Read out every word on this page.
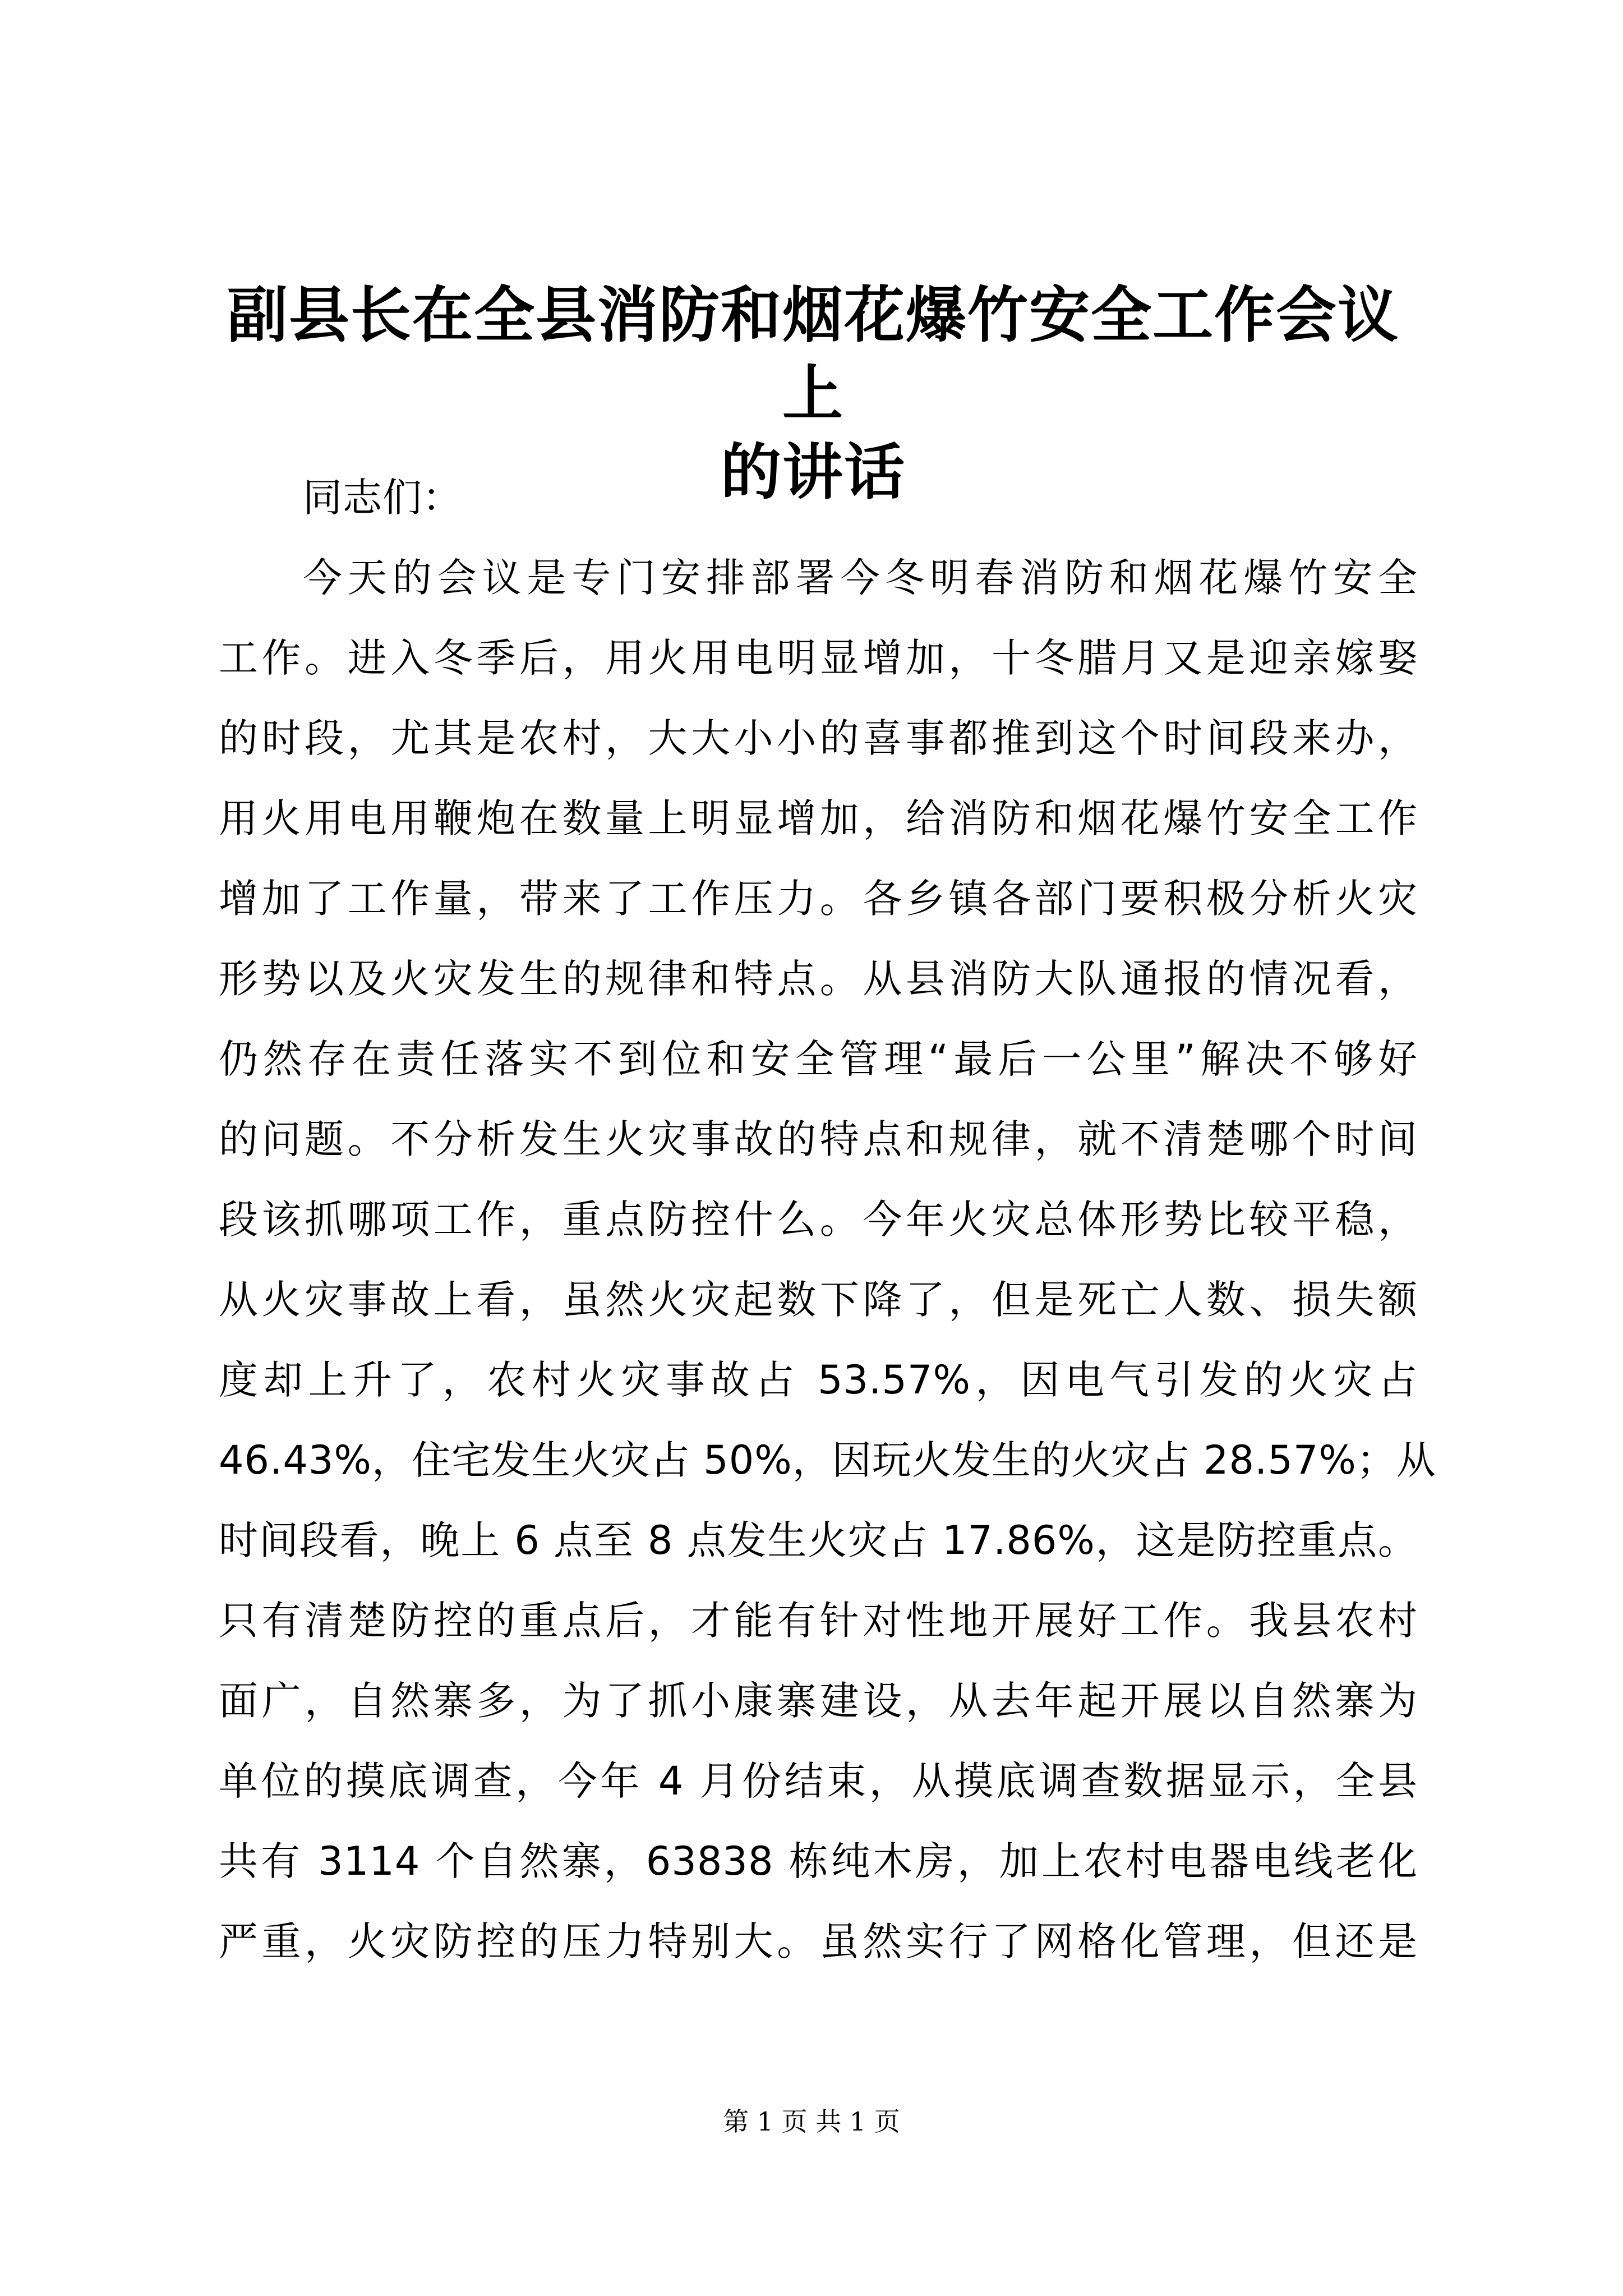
副县长在全县消防和烟花爆竹安全工作会议上
的讲话

同志们：

今天的会议是专门安排部署今冬明春消防和烟花爆竹安全
工作。进入冬季后，用火用电明显增加，十冬腊月又是迎亲嫁娶
的时段，尤其是农村，大大小小的喜事都推到这个时间段来办，
用火用电用鞭炮在数量上明显增加，给消防和烟花爆竹安全工作
增加了工作量，带来了工作压力。各乡镇各部门要积极分析火灾
形势以及火灾发生的规律和特点。从县消防大队通报的情况看，
仍然存在责任落实不到位和安全管理“最后一公里”解决不够好
的问题。不分析发生火灾事故的特点和规律，就不清楚哪个时间
段该抓哪项工作，重点防控什么。今年火灾总体形势比较平稳，
从火灾事故上看，虽然火灾起数下降了，但是死亡人数、损失额
度却上升了，农村火灾事故占 53.57%，因电气引发的火灾占
46.43%，住宅发生火灾占 50%，因玩火发生的火灾占 28.57%；从
时间段看，晚上 6 点至 8 点发生火灾占 17.86%，这是防控重点。
只有清楚防控的重点后，才能有针对性地开展好工作。我县农村
面广，自然寨多，为了抓小康寨建设，从去年起开展以自然寨为
单位的摸底调查，今年 4 月份结束，从摸底调查数据显示，全县
共有 3114 个自然寨，63838 栋纯木房，加上农村电器电线老化
严重，火灾防控的压力特别大。虽然实行了网格化管理，但还是

第 1 页 共 1 页
